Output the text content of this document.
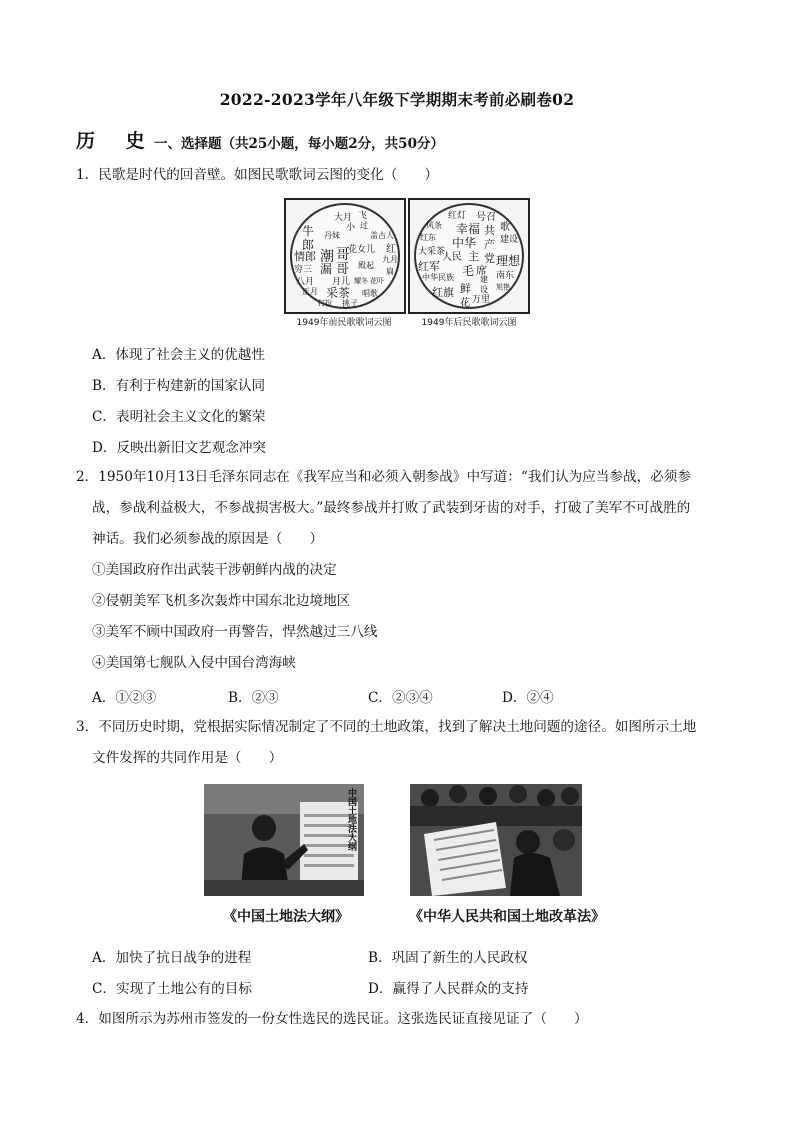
2022-2023学年八年级下学期期末考前必刷卷02
历 史
一、选择题（共25小题，每小题2分，共50分）
1．民歌是时代的回音壁。如图民歌歌词云图的变化（　　）
大月 飞
牛	小 过
盖古人
郎
丹妹
花女儿 红
情郎 潮 哥	九月
穷三 漏 哥 殿起
八月 月儿
扁
正月 采茶
耀冬 花吓
打扮 挑子
唱歌
红灯 号召
风条 幸福 共 歌
红东 中华 产 建设
大采茶 主 党 理想
红军
人民
毛 席 南东
中华民族	建
设
红旗 鲜
万里
花
旭艳
1949年前民歌歌词云图	1949年后民歌歌词云图
A．体现了社会主义的优越性
B．有利于构建新的国家认同
C．表明社会主义文化的繁荣
D．反映出新旧文艺观念冲突
2．1950年10月13日毛泽东同志在《我军应当和必须入朝参战》中写道：“我们认为应当参战，必须参
战，参战利益极大，不参战损害极大。”最终参战并打败了武装到牙齿的对手，打破了美军不可战胜的
神话。我们必须参战的原因是（　　）
①美国政府作出武装干涉朝鲜内战的决定
②侵朝美军飞机多次轰炸中国东北边境地区
③美军不顾中国政府一再警告，悍然越过三八线
④美国第七舰队入侵中国台湾海峡
A．①②③	B．②③	C．②③④	D．②④
3．不同历史时期，党根据实际情况制定了不同的土地政策，找到了解决土地问题的途径。如图所示土地
文件发挥的共同作用是（　　）
中国土地法大纲
《中国土地法大纲》	《中华人民共和国土地改革法》
A．加快了抗日战争的进程	B．巩固了新生的人民政权
C．实现了土地公有的目标	D．赢得了人民群众的支持
4．如图所示为苏州市签发的一份女性选民的选民证。这张选民证直接见证了（　　）
